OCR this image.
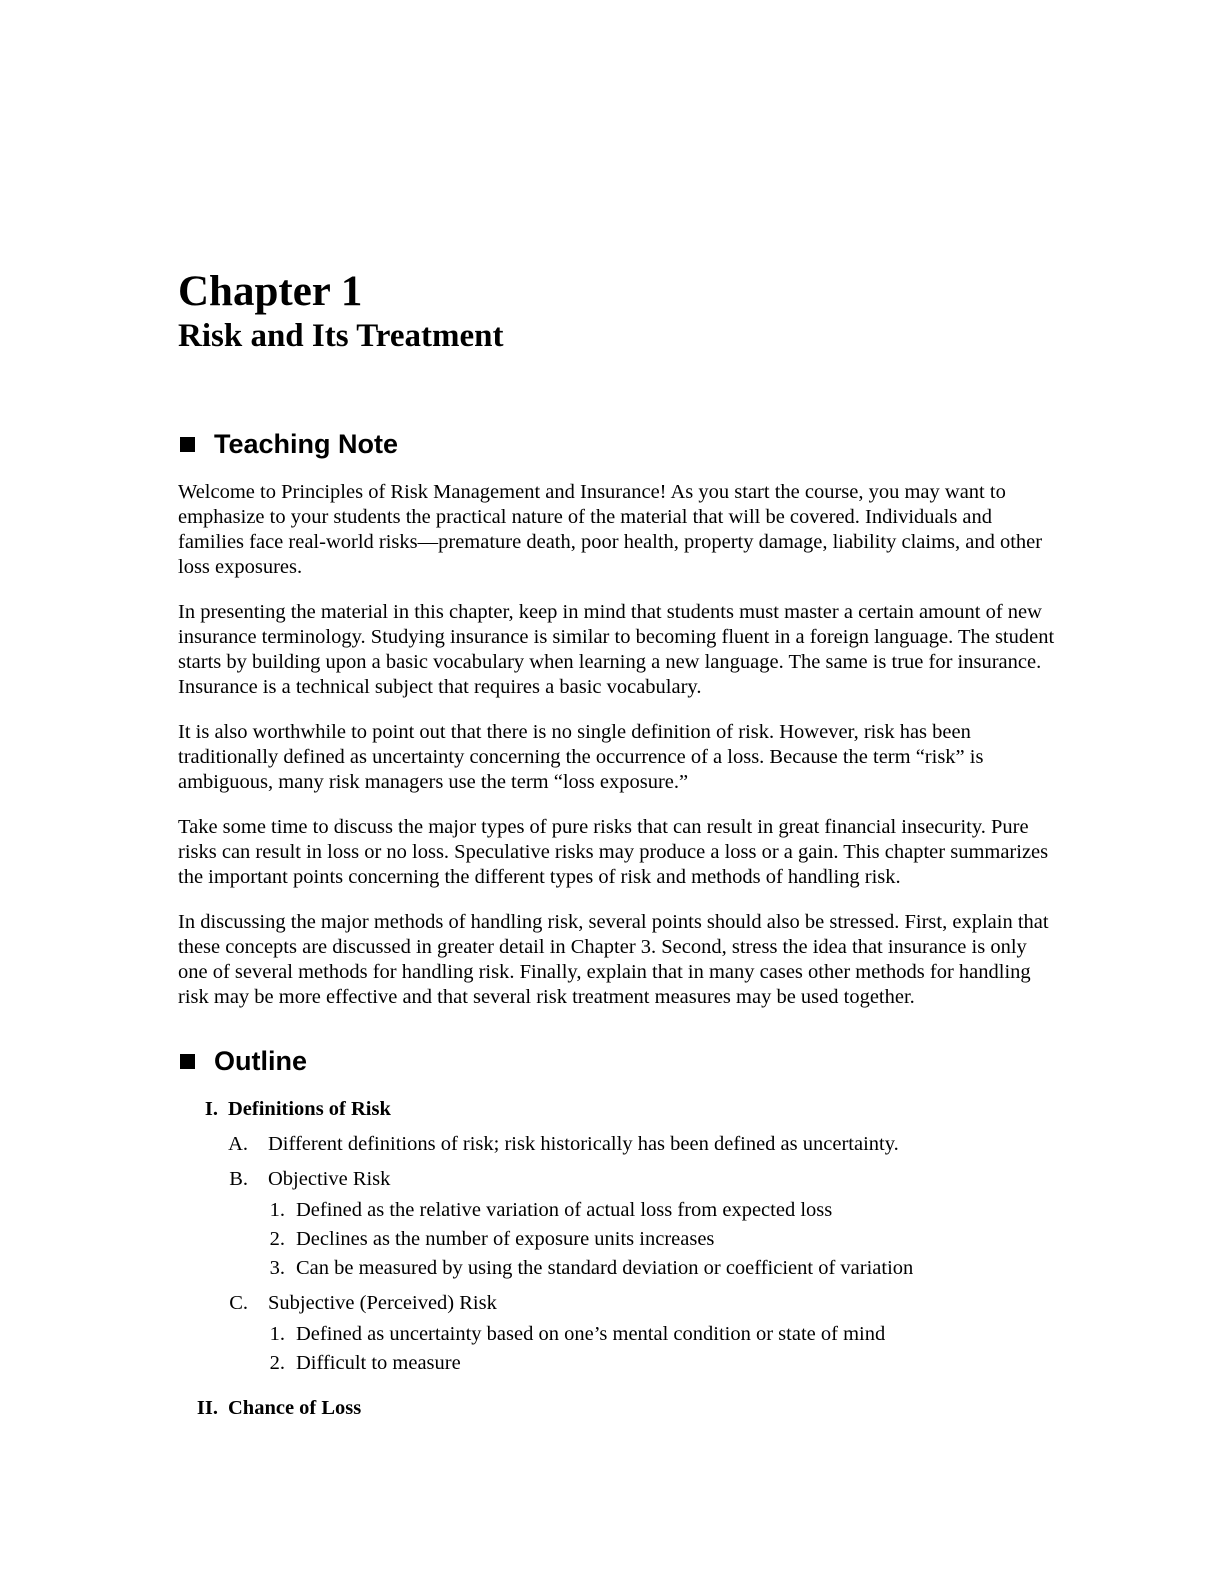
Chapter 1
Risk and Its Treatment
Teaching Note

Welcome to Principles of Risk Management and Insurance! As you start the course, you may want to
emphasize to your students the practical nature of the material that will be covered. Individuals and
families face real-world risks—premature death, poor health, property damage, liability claims, and other
loss exposures.

In presenting the material in this chapter, keep in mind that students must master a certain amount of new
insurance terminology. Studying insurance is similar to becoming fluent in a foreign language. The student
starts by building upon a basic vocabulary when learning a new language. The same is true for insurance.
Insurance is a technical subject that requires a basic vocabulary.

It is also worthwhile to point out that there is no single definition of risk. However, risk has been
traditionally defined as uncertainty concerning the occurrence of a loss. Because the term “risk” is
ambiguous, many risk managers use the term “loss exposure.”

Take some time to discuss the major types of pure risks that can result in great financial insecurity. Pure
risks can result in loss or no loss. Speculative risks may produce a loss or a gain. This chapter summarizes
the important points concerning the different types of risk and methods of handling risk.

In discussing the major methods of handling risk, several points should also be stressed. First, explain that
these concepts are discussed in greater detail in Chapter 3. Second, stress the idea that insurance is only
one of several methods for handling risk. Finally, explain that in many cases other methods for handling
risk may be more effective and that several risk treatment measures may be used together.

Outline
I. Definitions of Risk
A. Different definitions of risk; risk historically has been defined as uncertainty.
B. Objective Risk
1. Defined as the relative variation of actual loss from expected loss
2. Declines as the number of exposure units increases
3. Can be measured by using the standard deviation or coefficient of variation
C. Subjective (Perceived) Risk
1. Defined as uncertainty based on one’s mental condition or state of mind
2. Difficult to measure
II. Chance of Loss
